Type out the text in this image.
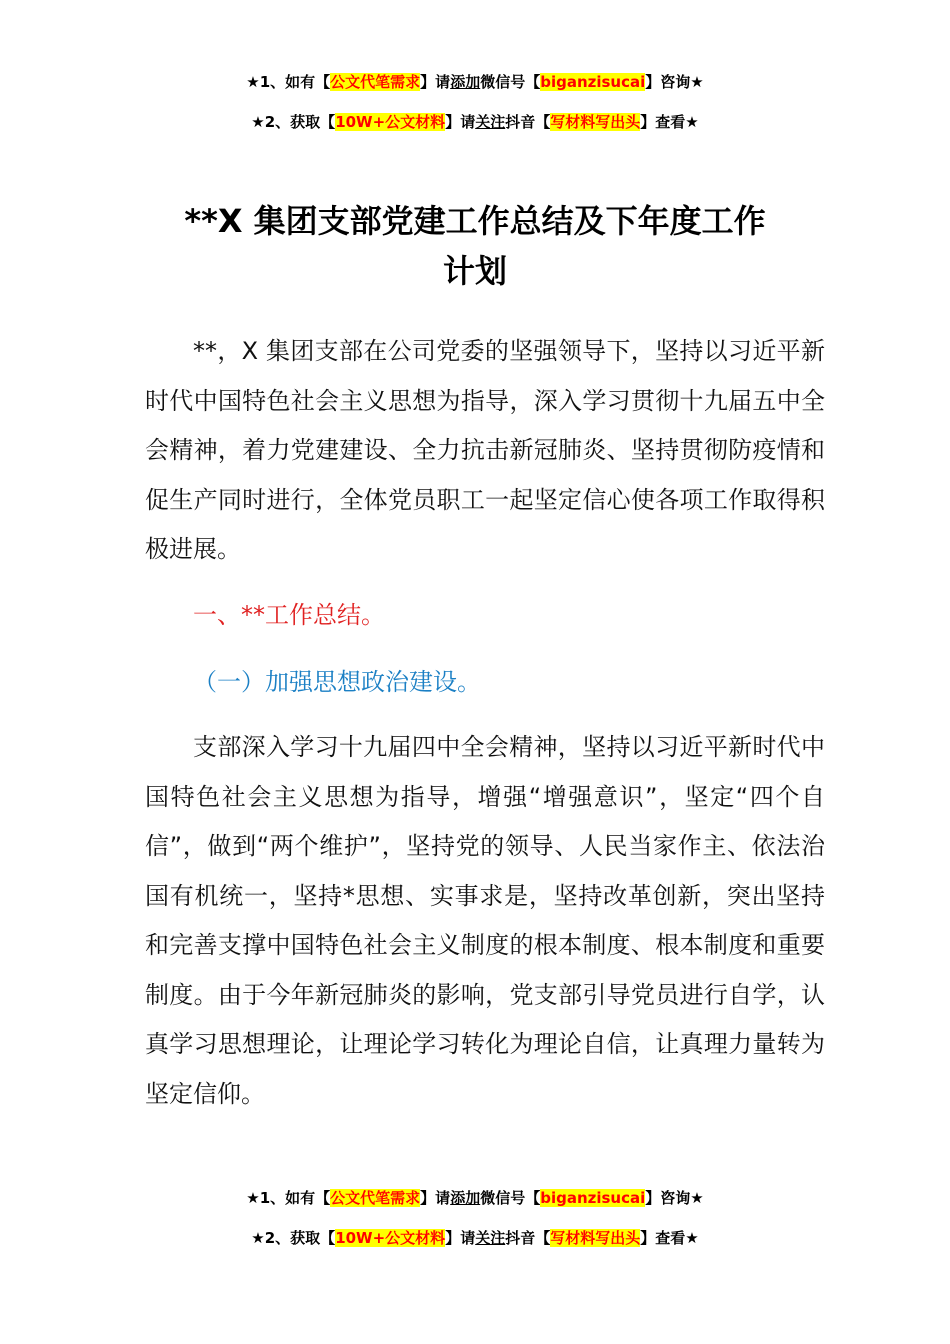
★1、如有【公文代笔需求】请添加微信号【biganzisucai】咨询★
★2、获取【10W+公文材料】请关注抖音【写材料写出头】查看★
**X 集团支部党建工作总结及下年度工作
计划

**，X 集团支部在公司党委的坚强领导下，坚持以习近平新时代中国特色社会主义思想为指导，深入学习贯彻十九届五中全会精神，着力党建建设、全力抗击新冠肺炎、坚持贯彻防疫情和促生产同时进行，全体党员职工一起坚定信心使各项工作取得积极进展。

一、**工作总结。
（一）加强思想政治建设。

支部深入学习十九届四中全会精神，坚持以习近平新时代中国特色社会主义思想为指导，增强“增强意识”，坚定“四个自信”，做到“两个维护”，坚持党的领导、人民当家作主、依法治国有机统一，坚持*思想、实事求是，坚持改革创新，突出坚持和完善支撑中国特色社会主义制度的根本制度、根本制度和重要制度。由于今年新冠肺炎的影响，党支部引导党员进行自学，认真学习思想理论，让理论学习转化为理论自信，让真理力量转为坚定信仰。

★1、如有【公文代笔需求】请添加微信号【biganzisucai】咨询★
★2、获取【10W+公文材料】请关注抖音【写材料写出头】查看★
